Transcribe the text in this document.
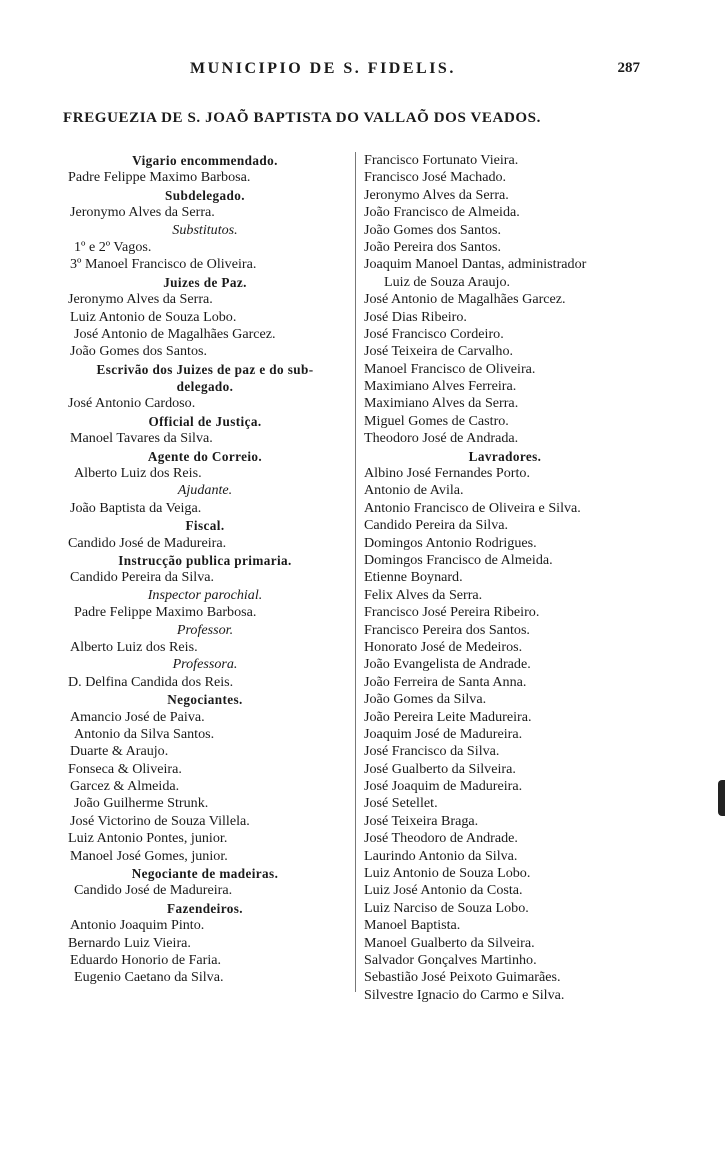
MUNICIPIO DE S. FIDELIS.	287
FREGUEZIA DE S. JOAÕ BAPTISTA DO VALLAÕ DOS VEADOS.
Vigario encommendado.
Padre Felippe Maximo Barbosa.
Subdelegado.
Jeronymo Alves da Serra.
Substitutos.
1º e 2º Vagos.
3º Manoel Francisco de Oliveira.
Juizes de Paz.
Jeronymo Alves da Serra.
Luiz Antonio de Souza Lobo.
José Antonio de Magalhães Garcez.
João Gomes dos Santos.
Escrivão dos Juizes de paz e do sub-
delegado.
José Antonio Cardoso.
Official de Justiça.
Manoel Tavares da Silva.
Agente do Correio.
Alberto Luiz dos Reis.
Ajudante.
João Baptista da Veiga.
Fiscal.
Candido José de Madureira.
Instrucção publica primaria.
Candido Pereira da Silva.
Inspector parochial.
Padre Felippe Maximo Barbosa.
Professor.
Alberto Luiz dos Reis.
Professora.
D. Delfina Candida dos Reis.
Negociantes.
Amancio José de Paiva.
Antonio da Silva Santos.
Duarte & Araujo.
Fonseca & Oliveira.
Garcez & Almeida.
João Guilherme Strunk.
José Victorino de Souza Villela.
Luiz Antonio Pontes, junior.
Manoel José Gomes, junior.
Negociante de madeiras.
Candido José de Madureira.
Fazendeiros.
Antonio Joaquim Pinto.
Bernardo Luiz Vieira.
Eduardo Honorio de Faria.
Eugenio Caetano da Silva.
Francisco Fortunato Vieira.
Francisco José Machado.
Jeronymo Alves da Serra.
João Francisco de Almeida.
João Gomes dos Santos.
João Pereira dos Santos.
Joaquim Manoel Dantas, administrador
Luiz de Souza Araujo.
José Antonio de Magalhães Garcez.
José Dias Ribeiro.
José Francisco Cordeiro.
José Teixeira de Carvalho.
Manoel Francisco de Oliveira.
Maximiano Alves Ferreira.
Maximiano Alves da Serra.
Miguel Gomes de Castro.
Theodoro José de Andrada.
Lavradores.
Albino José Fernandes Porto.
Antonio de Avila.
Antonio Francisco de Oliveira e Silva.
Candido Pereira da Silva.
Domingos Antonio Rodrigues.
Domingos Francisco de Almeida.
Etienne Boynard.
Felix Alves da Serra.
Francisco José Pereira Ribeiro.
Francisco Pereira dos Santos.
Honorato José de Medeiros.
João Evangelista de Andrade.
João Ferreira de Santa Anna.
João Gomes da Silva.
João Pereira Leite Madureira.
Joaquim José de Madureira.
José Francisco da Silva.
José Gualberto da Silveira.
José Joaquim de Madureira.
José Setellet.
José Teixeira Braga.
José Theodoro de Andrade.
Laurindo Antonio da Silva.
Luiz Antonio de Souza Lobo.
Luiz José Antonio da Costa.
Luiz Narciso de Souza Lobo.
Manoel Baptista.
Manoel Gualberto da Silveira.
Salvador Gonçalves Martinho.
Sebastião José Peixoto Guimarães.
Silvestre Ignacio do Carmo e Silva.
